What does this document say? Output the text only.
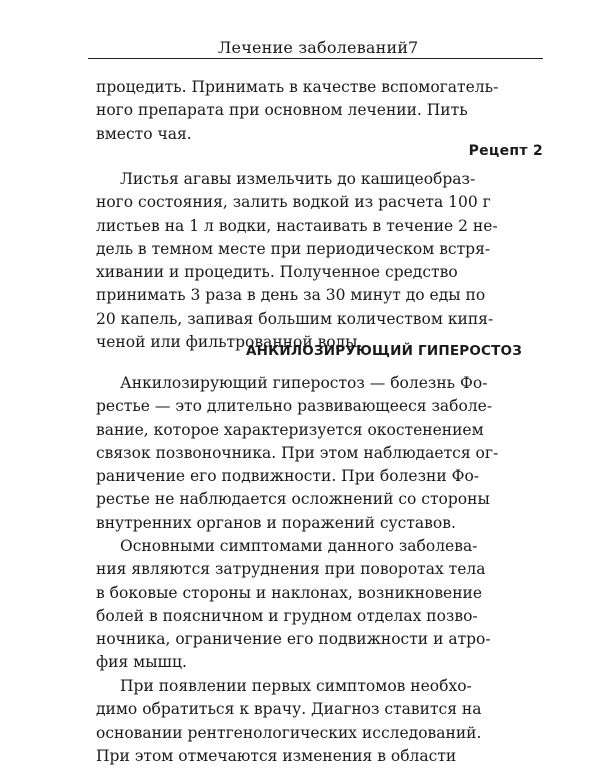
Лечение заболеваний 7
процедить. Принимать в качестве вспомогатель-
ного препарата при основном лечении. Пить
вместо чая.
Рецепт 2
Листья агавы измельчить до кашицеобраз-
ного состояния, залить водкой из расчета 100 г
листьев на 1 л водки, настаивать в течение 2 не-
дель в темном месте при периодическом встря-
хивании и процедить. Полученное средство
принимать 3 раза в день за 30 минут до еды по
20 капель, запивая большим количеством кипя-
ченой или фильтрованной воды.
АНКИЛОЗИРУЮЩИЙ ГИПЕРОСТОЗ
Анкилозирующий гиперостоз — болезнь Фо-
рестье — это длительно развивающееся заболе-
вание, которое характеризуется окостенением
связок позвоночника. При этом наблюдается ог-
раничение его подвижности. При болезни Фо-
рестье не наблюдается осложнений со стороны
внутренних органов и поражений суставов.
Основными симптомами данного заболева-
ния являются затруднения при поворотах тела
в боковые стороны и наклонах, возникновение
болей в поясничном и грудном отделах позво-
ночника, ограничение его подвижности и атро-
фия мышц.
При появлении первых симптомов необхо-
димо обратиться к врачу. Диагноз ставится на
основании рентгенологических исследований.
При этом отмечаются изменения в области
